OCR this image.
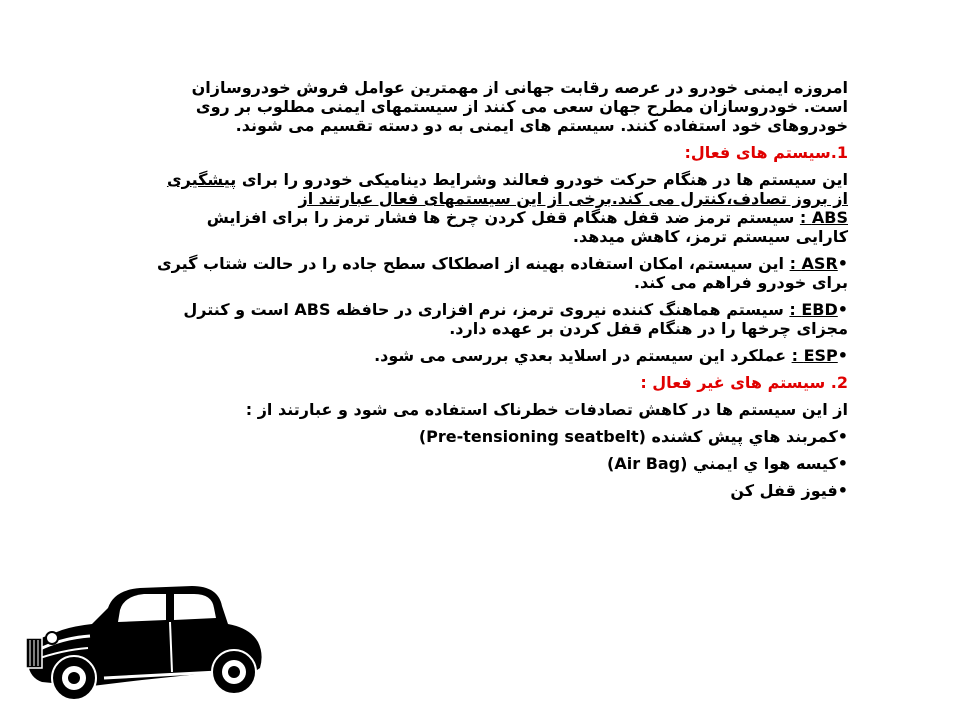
امروزه ايمنی خودرو در عرصه رقابت جهانی از مهمترين عوامل فروش خودروسازان است. خودروسازان مطرح جهان سعی می کنند از سيستمهای ايمنی مطلوب بر روی خودروهای خود استفاده کنند. سيستم های ايمنی به دو دسته تقسيم می شوند.

1.سيستم های فعال:

اين سيستم ها در هنگام حرکت خودرو فعالند وشرايط ديناميکی خودرو را برای پيشگيری از بروز تصادف،کنترل می کند.برخی از اين سيستمهای فعال عبارتند از
ABS : سيستم ترمز ضد قفل هنگام قفل کردن چرخ ها فشار ترمز را برای افزايش کارايی سيستم ترمز، کاهش ميدهد.

•ASR : اين سيستم، امکان استفاده بهينه از اصطکاک سطح جاده را در حالت شتاب گيری برای خودرو فراهم می کند.

•EBD : سيستم هماهنگ کننده نيروی ترمز، نرم افزاری در حافظه ABS است و کنترل مجزای چرخها را در هنگام قفل کردن بر عهده دارد.

•ESP : عملکرد اين سيستم در اسلايد بعدي بررسی می شود.

2. سيستم های غير فعال :

از اين سيستم ها در کاهش تصادفات خطرناک استفاده می شود و عبارتند از :

•کمربند هاي پيش کشنده (Pre-tensioning seatbelt)

•کيسه هوا ي ايمني (Air Bag)

•فيوز قفل کن
